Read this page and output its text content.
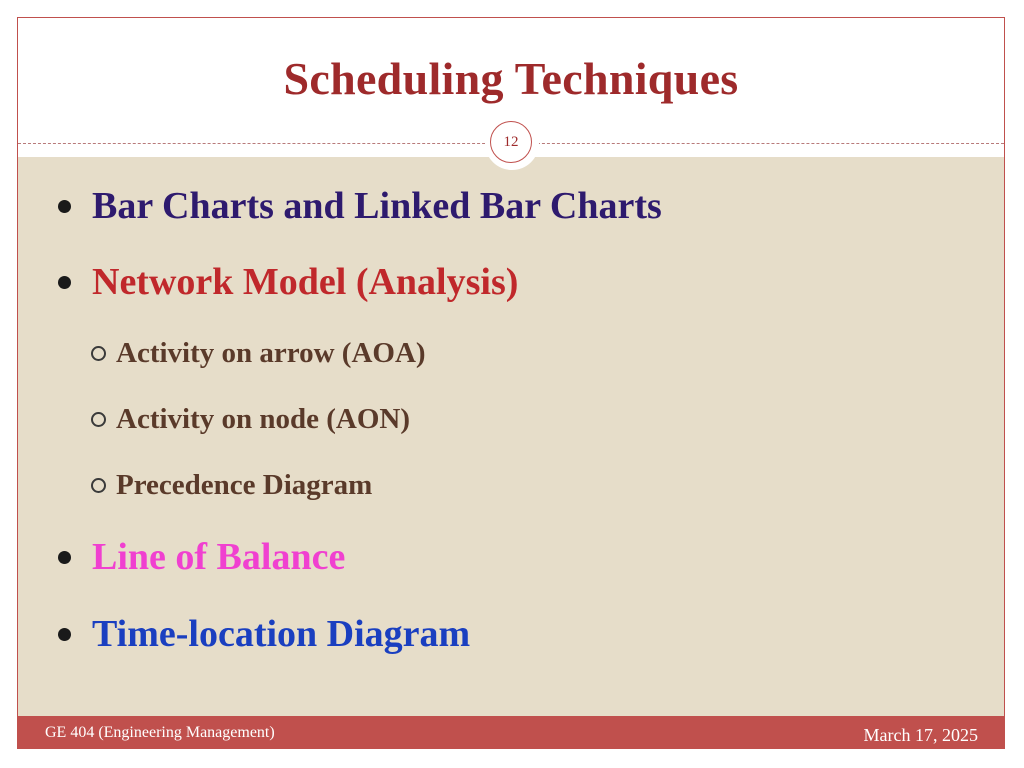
Scheduling Techniques
Bar Charts and Linked Bar Charts
Network Model (Analysis)
Activity on arrow (AOA)
Activity on node (AON)
Precedence Diagram
Line of Balance
Time-location Diagram
12
GE 404 (Engineering Management)	March 17, 2025
